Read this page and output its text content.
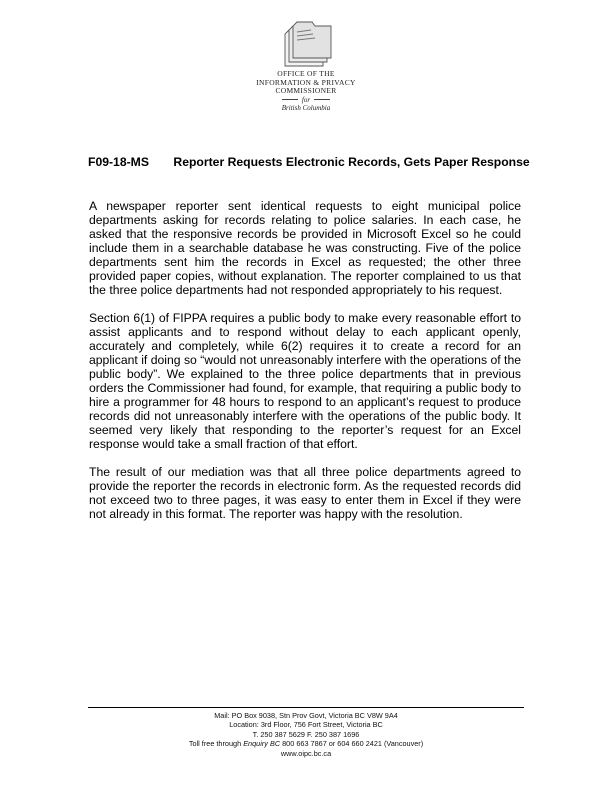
OFFICE OF THE
INFORMATION & PRIVACY
COMMISSIONER
for
British Columbia
F09-18-MS Reporter Requests Electronic Records, Gets Paper Response

A newspaper reporter sent identical requests to eight municipal police departments asking for records relating to police salaries. In each case, he asked that the responsive records be provided in Microsoft Excel so he could include them in a searchable database he was constructing. Five of the police departments sent him the records in Excel as requested; the other three provided paper copies, without explanation. The reporter complained to us that the three police departments had not responded appropriately to his request.

Section 6(1) of FIPPA requires a public body to make every reasonable effort to assist applicants and to respond without delay to each applicant openly, accurately and completely, while 6(2) requires it to create a record for an applicant if doing so “would not unreasonably interfere with the operations of the public body”. We explained to the three police departments that in previous orders the Commissioner had found, for example, that requiring a public body to hire a programmer for 48 hours to respond to an applicant’s request to produce records did not unreasonably interfere with the operations of the public body. It seemed very likely that responding to the reporter’s request for an Excel response would take a small fraction of that effort.

The result of our mediation was that all three police departments agreed to provide the reporter the records in electronic form. As the requested records did not exceed two to three pages, it was easy to enter them in Excel if they were not already in this format. The reporter was happy with the resolution.

Mail: PO Box 9038, Stn Prov Govt, Victoria BC V8W 9A4
Location: 3rd Floor, 756 Fort Street, Victoria BC
T. 250 387 5629 F. 250 387 1696
Toll free through Enquiry BC 800 663 7867 or 604 660 2421 (Vancouver)
www.oipc.bc.ca
